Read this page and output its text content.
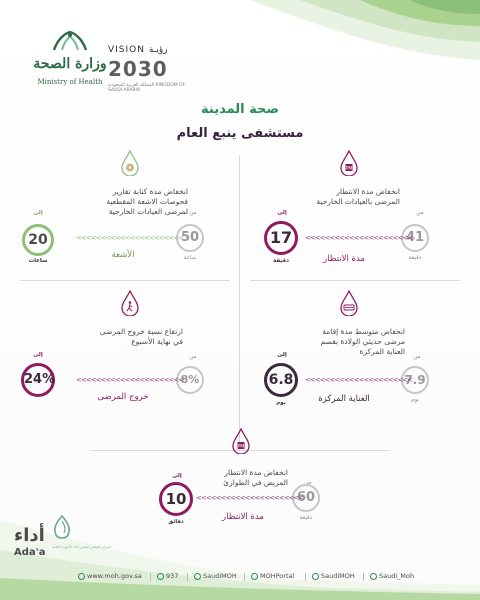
وزارة الصحة
Ministry of Health
VISION رؤيـة
2030
المملكة العربية السعودية KINGDOM OF SAUDI ARABIA
صحة المدينة
مستشفى ينبع العام
PM
انخفاض مدة الانتظار المرضى بالعيادات الخارجية
من
41
دقيقة
<<<<<<<<<<<<<<<<<<<<<<
إلى
17
دقيقة	مدة الانتظار
انخفاض مدة كتابة تقارير فحوصات الاشعة المقطعية لمرضى العيادات الخارجية من
50
ساعة
<<<<<<<<<<<<<<<<<<<<<<
إلى
20
ساعات
الأشعة
انخفاض متوسط مدة إقامة مرضى حديثي الولادة بقسم العناية المركزة
من
7.9
يوم
<<<<<<<<<<<<<<<<<<<<<<
إلى
6.8
يوم	العناية المركزة
ارتفاع نسبة خروج المرضى في نهاية الأسبوع
من
8%
<<<<<<<<<<<<<<<<<<<<<<
إلى
24%
خروج المرضى
PM
انخفاض مدة الانتظار المريض في الطوارئ	من
60
دقيقة
<<<<<<<<<<<<<<<<<<<<<<
إلى
10
دقائق	مدة الانتظار
أداء
Ada'a المركز الوطني لقياس أداء الأجهزة العامة
www.moh.gov.sa	937	SaudiMOH	MOHPortal	SaudiMOH	Saudi_Moh
